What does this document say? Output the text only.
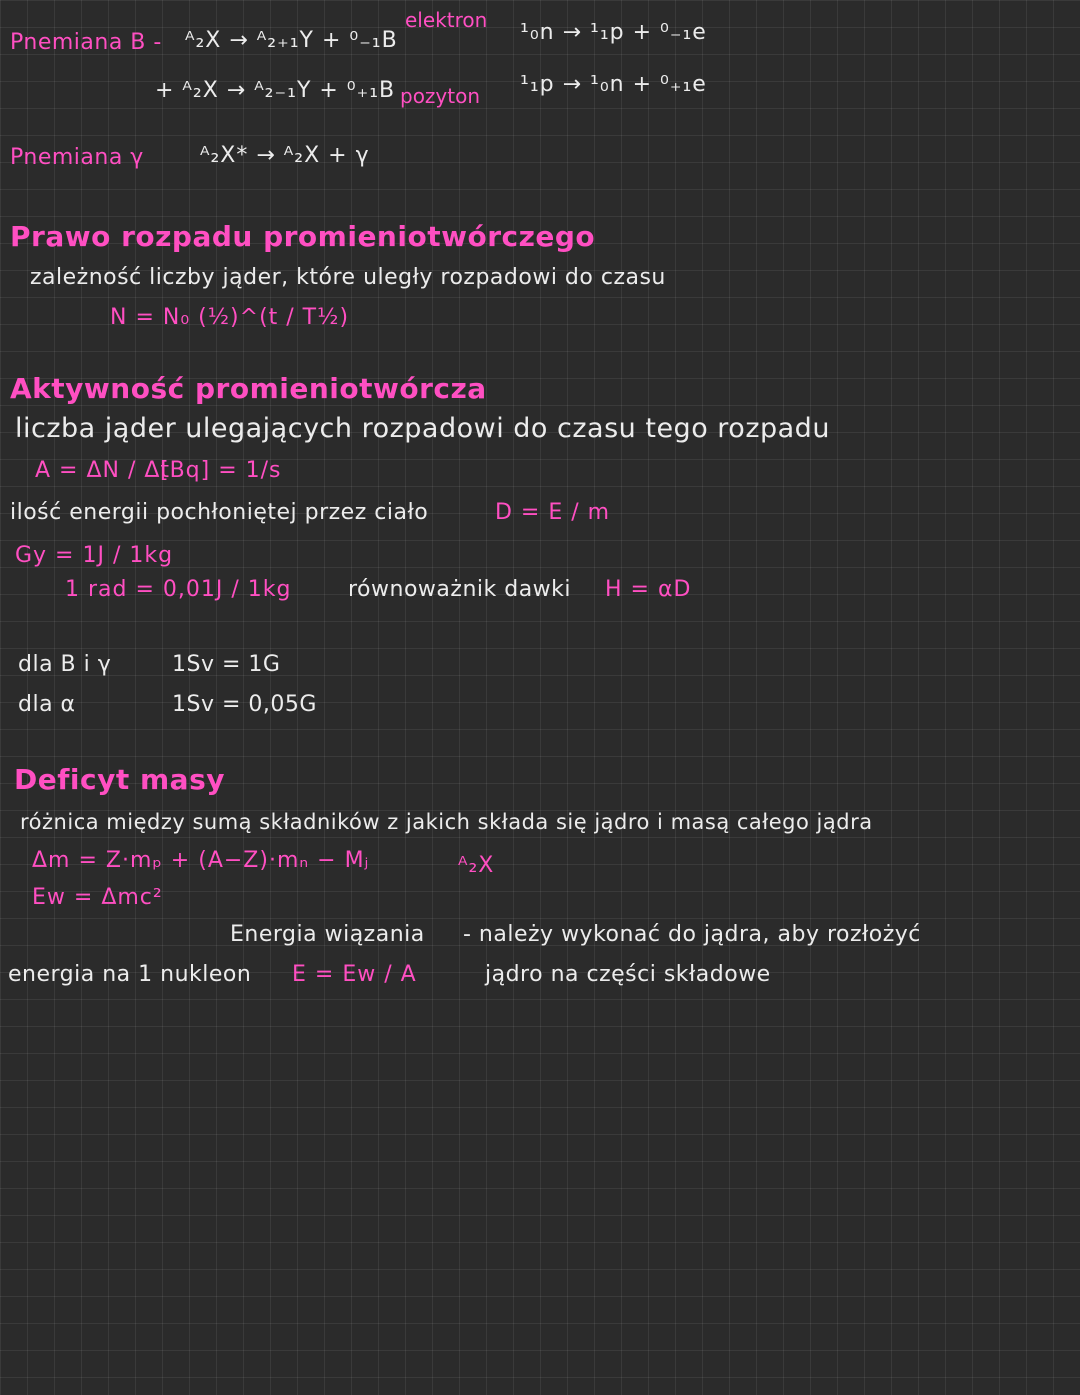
Pnemiana B - ᴬ₂X → ᴬ₂₊₁Y + ⁰₋₁B
elektron
+ ᴬ₂X → ᴬ₂₋₁Y + ⁰₊₁B pozyton
¹₀n → ¹₁p + ⁰₋₁e
¹₁p → ¹₀n + ⁰₊₁e
Pnemiana γ	ᴬ₂X* → ᴬ₂X + γ
Prawo rozpadu promieniotwórczego
zależność liczby jąder, które uległy rozpadowi do czasu
N = N₀ (½)^(t / T½)
Aktywność promieniotwórcza
liczba jąder ulegających rozpadowi do czasu tego rozpadu
A = ΔN / Δt
[Bq] = 1/s
ilość energii pochłoniętej przez ciało	D = E / m
Gy = 1J / 1kg
1 rad = 0,01J / 1kg	równoważnik dawki H = αD
dla B i γ	1Sv = 1G
dla α	1Sv = 0,05G
Deficyt masy
różnica między sumą składników z jakich składa się jądro i masą całego jądra
Δm = Z·mₚ + (A−Z)·mₙ − Mⱼ	ᴬ₂X
Eᴡ = Δmc²
Energia wiązania - należy wykonać do jądra, aby rozłożyć
jądro na części składowe
energia na 1 nukleon E = Eᴡ / A
